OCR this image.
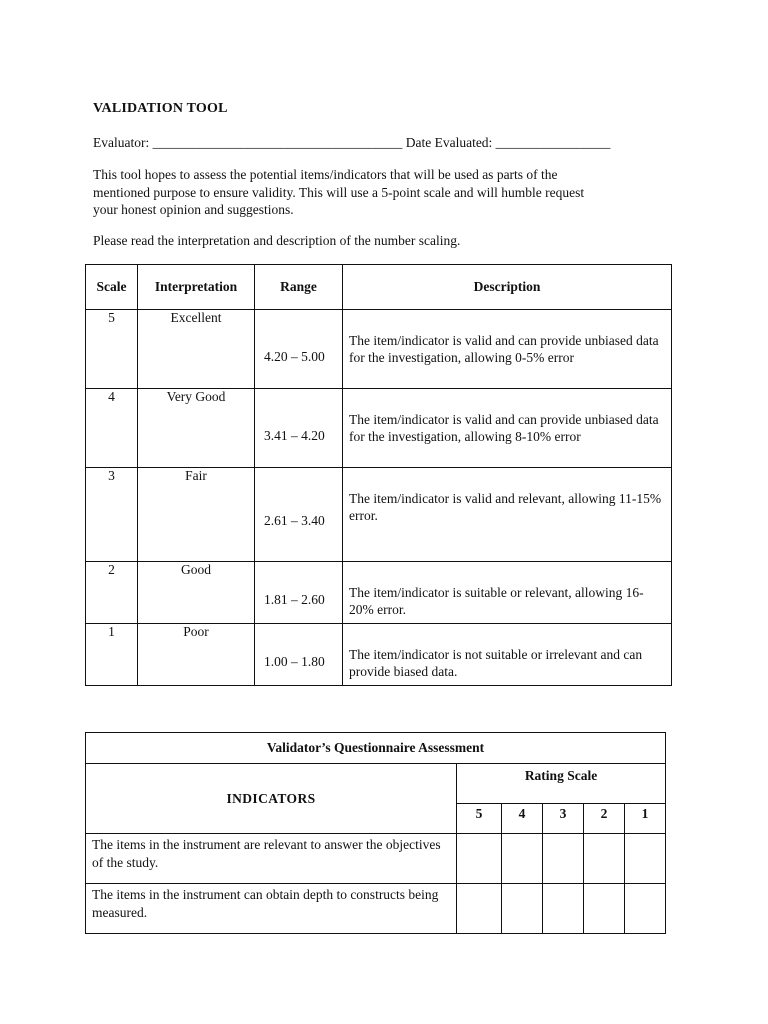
VALIDATION TOOL
Evaluator: _____________________________________ Date Evaluated: _________________
This tool hopes to assess the potential items/indicators that will be used as parts of the
mentioned purpose to ensure validity. This will use a 5-point scale and will humble request
your honest opinion and suggestions.
Please read the interpretation and description of the number scaling.
Scale	Interpretation	Range	Description
5	Excellent	4.20 – 5.00	The item/indicator is valid and can provide unbiased data for the investigation, allowing 0-5% error
4	Very Good	3.41 – 4.20	The item/indicator is valid and can provide unbiased data for the investigation, allowing 8-10% error
3	Fair	2.61 – 3.40	The item/indicator is valid and relevant, allowing 11-15% error.
2	Good	1.81 – 2.60	The item/indicator is suitable or relevant, allowing 16-20% error.
1	Poor	1.00 – 1.80	The item/indicator is not suitable or irrelevant and can provide biased data.
Validator’s Questionnaire Assessment					
INDICATORS	Rating Scale				
	5	4	3	2	1
The items in the instrument are relevant to answer the objectives of the study.					
The items in the instrument can obtain depth to constructs being measured.					
